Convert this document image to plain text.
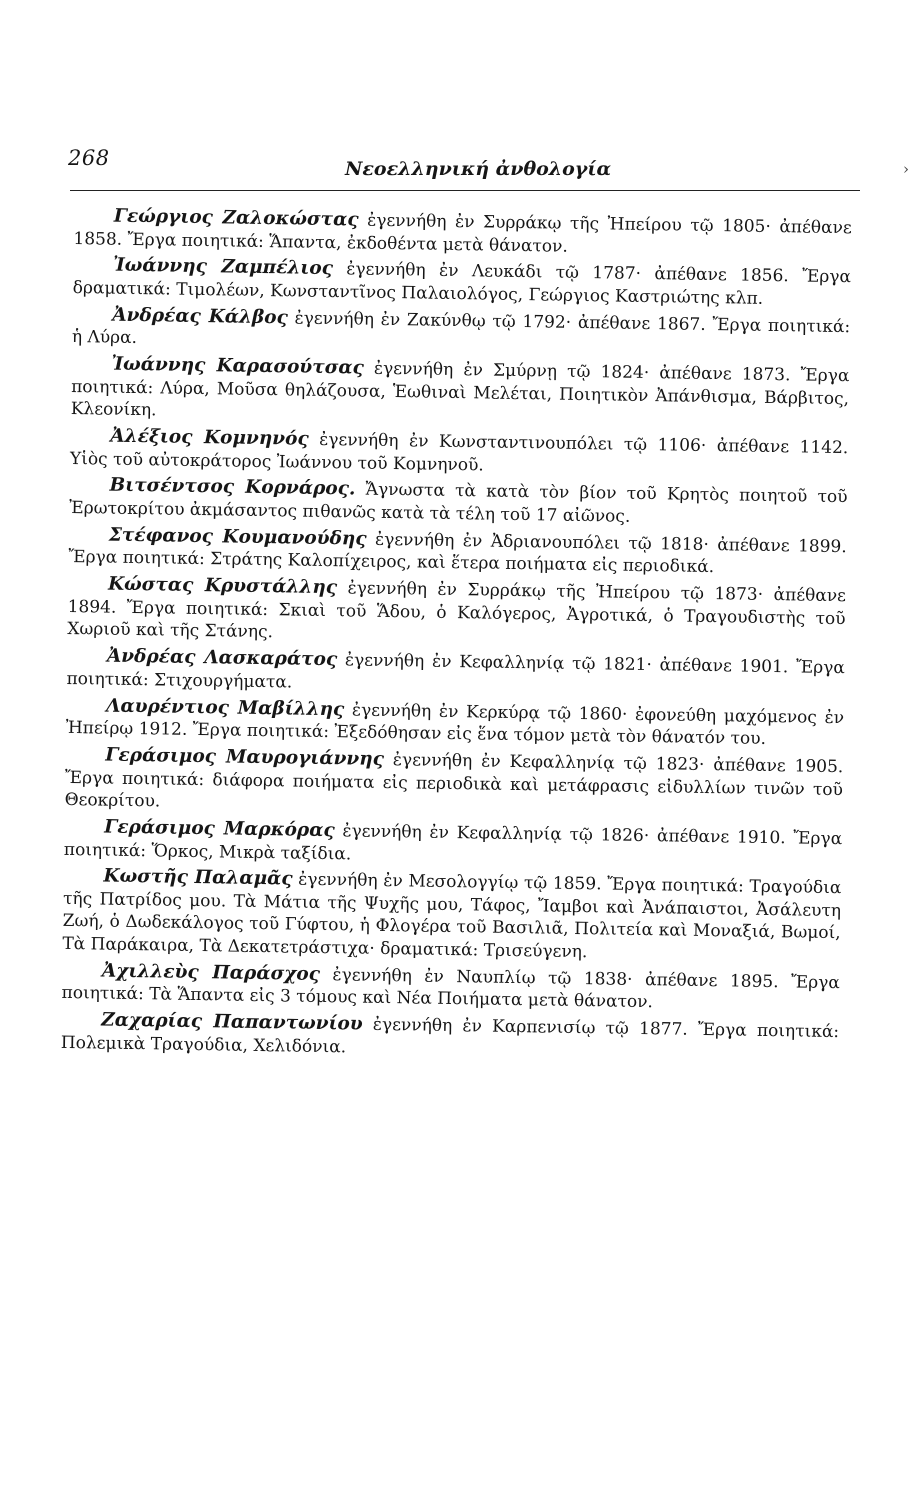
268	Νεοελληνική ἀνθολογία	›

Γεώργιος Ζαλοκώστας ἐγεννήθη ἐν Συρράκῳ τῆς Ἠπείρου τῷ 1805· ἀπέθανε 1858. Ἔργα ποιητικά: Ἅπαντα, ἐκδοθέντα μετὰ θάνατον.

Ἰωάννης Ζαμπέλιος ἐγεννήθη ἐν Λευκάδι τῷ 1787· ἀπέθανε 1856. Ἔργα δραματικά: Τιμολέων, Κωνσταντῖνος Παλαιολόγος, Γεώργιος Καστριώτης κλπ.

Ἀνδρέας Κάλβος ἐγεννήθη ἐν Ζακύνθῳ τῷ 1792· ἀπέθανε 1867. Ἔργα ποιητικά: ἡ Λύρα.

Ἰωάννης Καρασούτσας ἐγεννήθη ἐν Σμύρνῃ τῷ 1824· ἀπέθανε 1873. Ἔργα ποιητικά: Λύρα, Μοῦσα θηλάζουσα, Ἑωθιναὶ Μελέται, Ποιητικὸν Ἀπάνθισμα, Βάρβιτος, Κλεονίκη.

Ἀλέξιος Κομνηνός ἐγεννήθη ἐν Κωνσταντινουπόλει τῷ 1106· ἀπέθανε 1142. Υἱὸς τοῦ αὐτοκράτορος Ἰωάννου τοῦ Κομνηνοῦ.

Βιτσέντσος Κορνάρος. Ἄγνωστα τὰ κατὰ τὸν βίον τοῦ Κρητὸς ποιητοῦ τοῦ Ἐρωτοκρίτου ἀκμάσαντος πιθανῶς κατὰ τὰ τέλη τοῦ 17 αἰῶνος.

Στέφανος Κουμανούδης ἐγεννήθη ἐν Ἀδριανουπόλει τῷ 1818· ἀπέθανε 1899. Ἔργα ποιητικά: Στράτης Καλοπίχειρος, καὶ ἕτερα ποιήματα εἰς περιοδικά.

Κώστας Κρυστάλλης ἐγεννήθη ἐν Συρράκῳ τῆς Ἠπείρου τῷ 1873· ἀπέθανε 1894. Ἔργα ποιητικά: Σκιαὶ τοῦ Ἅδου, ὁ Καλόγερος, Ἀγροτικά, ὁ Τραγουδιστὴς τοῦ Χωριοῦ καὶ τῆς Στάνης.

Ἀνδρέας Λασκαράτος ἐγεννήθη ἐν Κεφαλληνίᾳ τῷ 1821· ἀπέθανε 1901. Ἔργα ποιητικά: Στιχουργήματα.

Λαυρέντιος Μαβίλλης ἐγεννήθη ἐν Κερκύρᾳ τῷ 1860· ἐφονεύθη μαχόμενος ἐν Ἠπείρῳ 1912. Ἔργα ποιητικά: Ἐξεδόθησαν εἰς ἕνα τόμον μετὰ τὸν θάνατόν του.

Γεράσιμος Μαυρογιάννης ἐγεννήθη ἐν Κεφαλληνίᾳ τῷ 1823· ἀπέθανε 1905. Ἔργα ποιητικά: διάφορα ποιήματα εἰς περιοδικὰ καὶ μετάφρασις εἰδυλλίων τινῶν τοῦ Θεοκρίτου.

Γεράσιμος Μαρκόρας ἐγεννήθη ἐν Κεφαλληνίᾳ τῷ 1826· ἀπέθανε 1910. Ἔργα ποιητικά: Ὅρκος, Μικρὰ ταξίδια.

Κωστῆς Παλαμᾶς ἐγεννήθη ἐν Μεσολογγίῳ τῷ 1859. Ἔργα ποιητικά: Τραγούδια τῆς Πατρίδος μου. Τὰ Μάτια τῆς Ψυχῆς μου, Τάφος, Ἴαμβοι καὶ Ἀνάπαιστοι, Ἀσάλευτη Ζωή, ὁ Δωδεκάλογος τοῦ Γύφτου, ἡ Φλογέρα τοῦ Βασιλιᾶ, Πολιτεία καὶ Μοναξιά, Βωμοί, Τὰ Παράκαιρα, Τὰ Δεκατετράστιχα· δραματικά: Τρισεύγενη.

Ἀχιλλεὺς Παράσχος ἐγεννήθη ἐν Ναυπλίῳ τῷ 1838· ἀπέθανε 1895. Ἔργα ποιητικά: Τὰ Ἅπαντα εἰς 3 τόμους καὶ Νέα Ποιήματα μετὰ θάνατον.

Ζαχαρίας Παπαντωνίου ἐγεννήθη ἐν Καρπενισίῳ τῷ 1877. Ἔργα ποιητικά: Πολεμικὰ Τραγούδια, Χελιδόνια.
